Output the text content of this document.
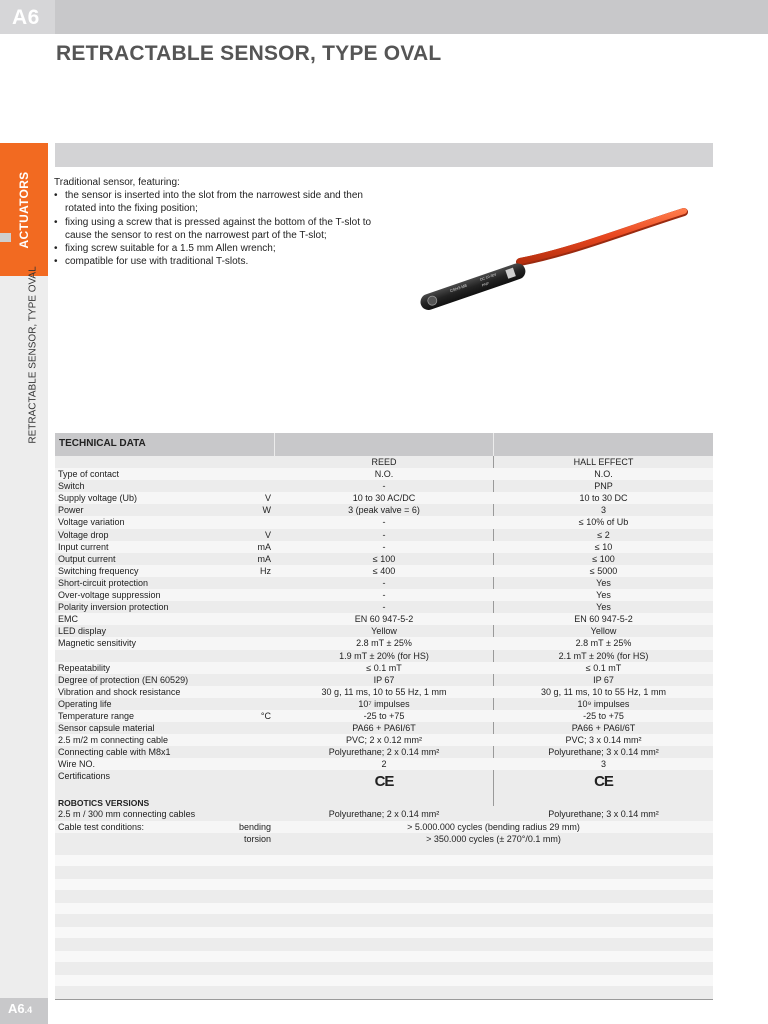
A6
RETRACTABLE SENSOR, TYPE OVAL
ACTUATORS
RETRACTABLE SENSOR, TYPE OVAL
Traditional sensor, featuring:
• the sensor is inserted into the slot from the narrowest side and then rotated into the fixing position;
• fixing using a screw that is pressed against the bottom of the T-slot to cause the sensor to rest on the narrowest part of the T-slot;
• fixing screw suitable for a 1.5 mm Allen wrench;
• compatible for use with traditional T-slots.
CSH3-M8
DC 10-30V
PNP
TECHNICAL DATA
REED	HALL EFFECT
Type of contact	N.O.	N.O.
Switch	-	PNP
Supply voltage (Ub)	V	10 to 30 AC/DC	10 to 30 DC
Power	W	3 (peak valve = 6)	3
Voltage variation	-	≤ 10% of Ub
Voltage drop	V	-	≤ 2
Input current	mA	-	≤ 10
Output current	mA	≤ 100	≤ 100
Switching frequency	Hz	≤ 400	≤ 5000
Short-circuit protection	-	Yes
Over-voltage suppression	-	Yes
Polarity inversion protection	-	Yes
EMC	EN 60 947-5-2	EN 60 947-5-2
LED display	Yellow	Yellow
Magnetic sensitivity	2.8 mT ± 25%	2.8 mT ± 25%
1.9 mT ± 20% (for HS)	2.1 mT ± 20% (for HS)
Repeatability	≤ 0.1 mT	≤ 0.1 mT
Degree of protection (EN 60529)	IP 67	IP 67
Vibration and shock resistance	30 g, 11 ms, 10 to 55 Hz, 1 mm	30 g, 11 ms, 10 to 55 Hz, 1 mm
Operating life	10⁷ impulses	10⁹ impulses
Temperature range	°C	-25 to +75	-25 to +75
Sensor capsule material	PA66 + PA6I/6T	PA66 + PA6I/6T
2.5 m/2 m connecting cable	PVC; 2 x 0.12 mm²	PVC; 3 x 0.14 mm²
Connecting cable with M8x1	Polyurethane; 2 x 0.14 mm²	Polyurethane; 3 x 0.14 mm²
Wire NO.	2	3
Certifications	CE	CE
ROBOTICS VERSIONS
2.5 m / 300 mm connecting cables	Polyurethane; 2 x 0.14 mm²	Polyurethane; 3 x 0.14 mm²
Cable test conditions:	bending	> 5.000.000 cycles (bending radius 29 mm)
torsion	> 350.000 cycles (± 270°/0.1 mm)
A6.4
